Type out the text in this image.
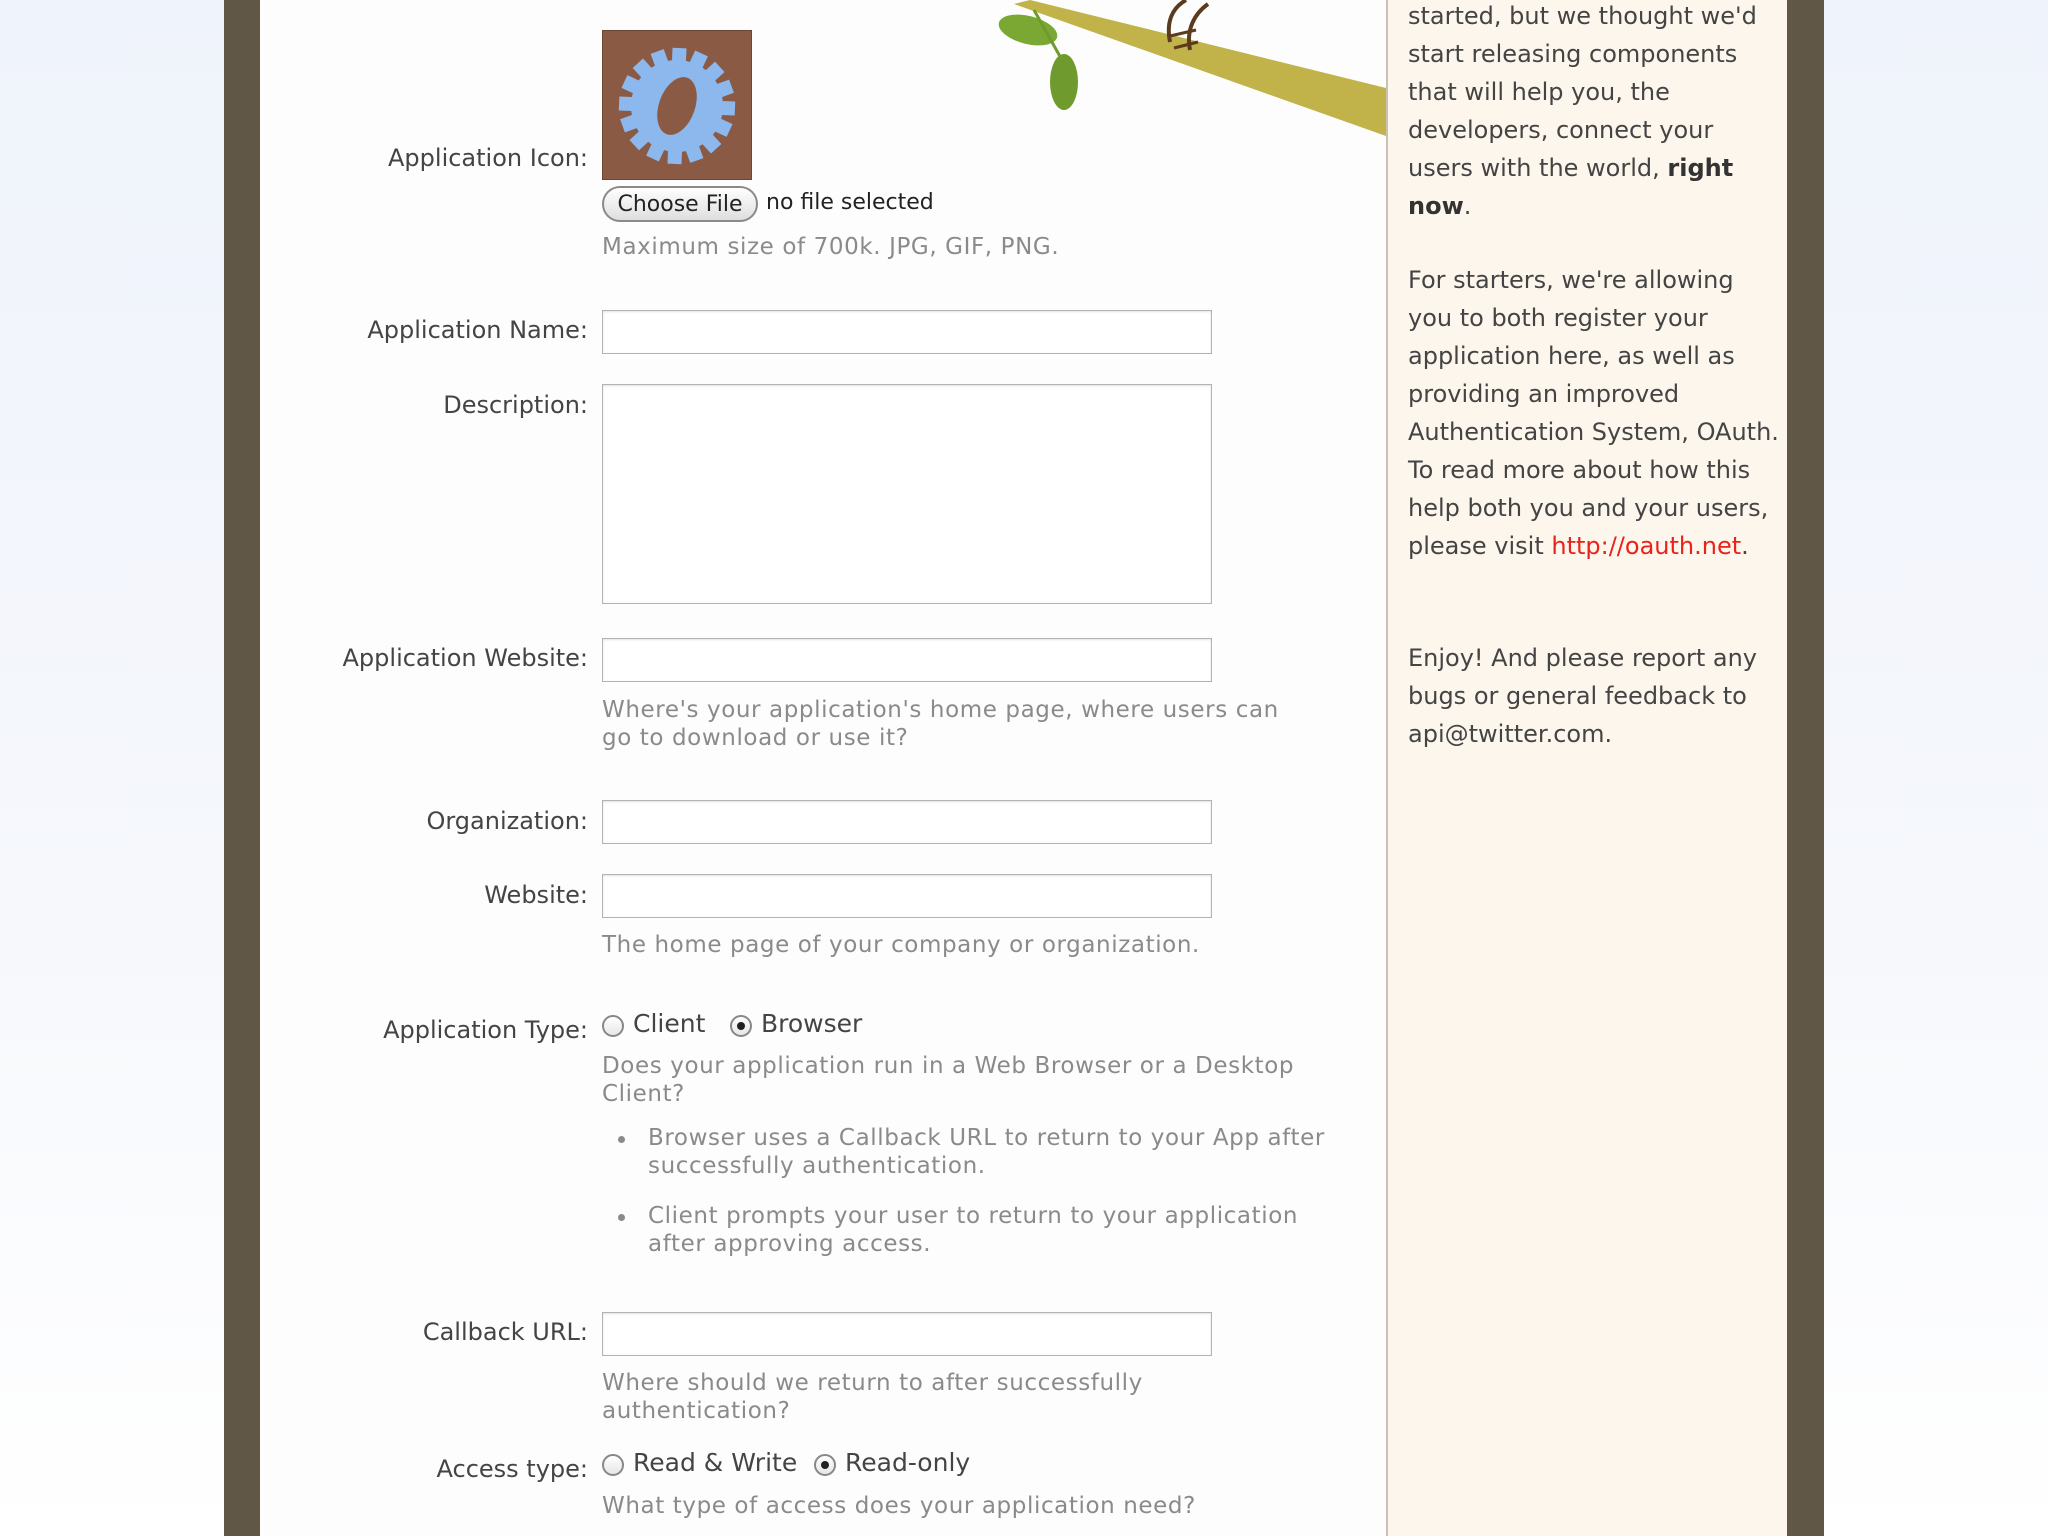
Application Icon:

Choose File	no file selected

Maximum size of 700k. JPG, GIF, PNG.

Application Name:

Description:

Application Website:

Where's your application's home page, where users can go to download or use it?

Organization:

Website:

The home page of your company or organization.

Application Type: Client Browser

Does your application run in a Web Browser or a Desktop Client?

Browser uses a Callback URL to return to your App after successfully authentication.
Client prompts your user to return to your application after approving access.

Callback URL:

Where should we return to after successfully authentication?

Access type: Read & Write Read-only

What type of access does your application need?

started, but we thought we'd start releasing components that will help you, the developers, connect your users with the world, right now.

For starters, we're allowing you to both register your application here, as well as providing an improved Authentication System, OAuth. To read more about how this help both you and your users, please visit http://oauth.net.

Enjoy! And please report any bugs or general feedback to api@twitter.com.
